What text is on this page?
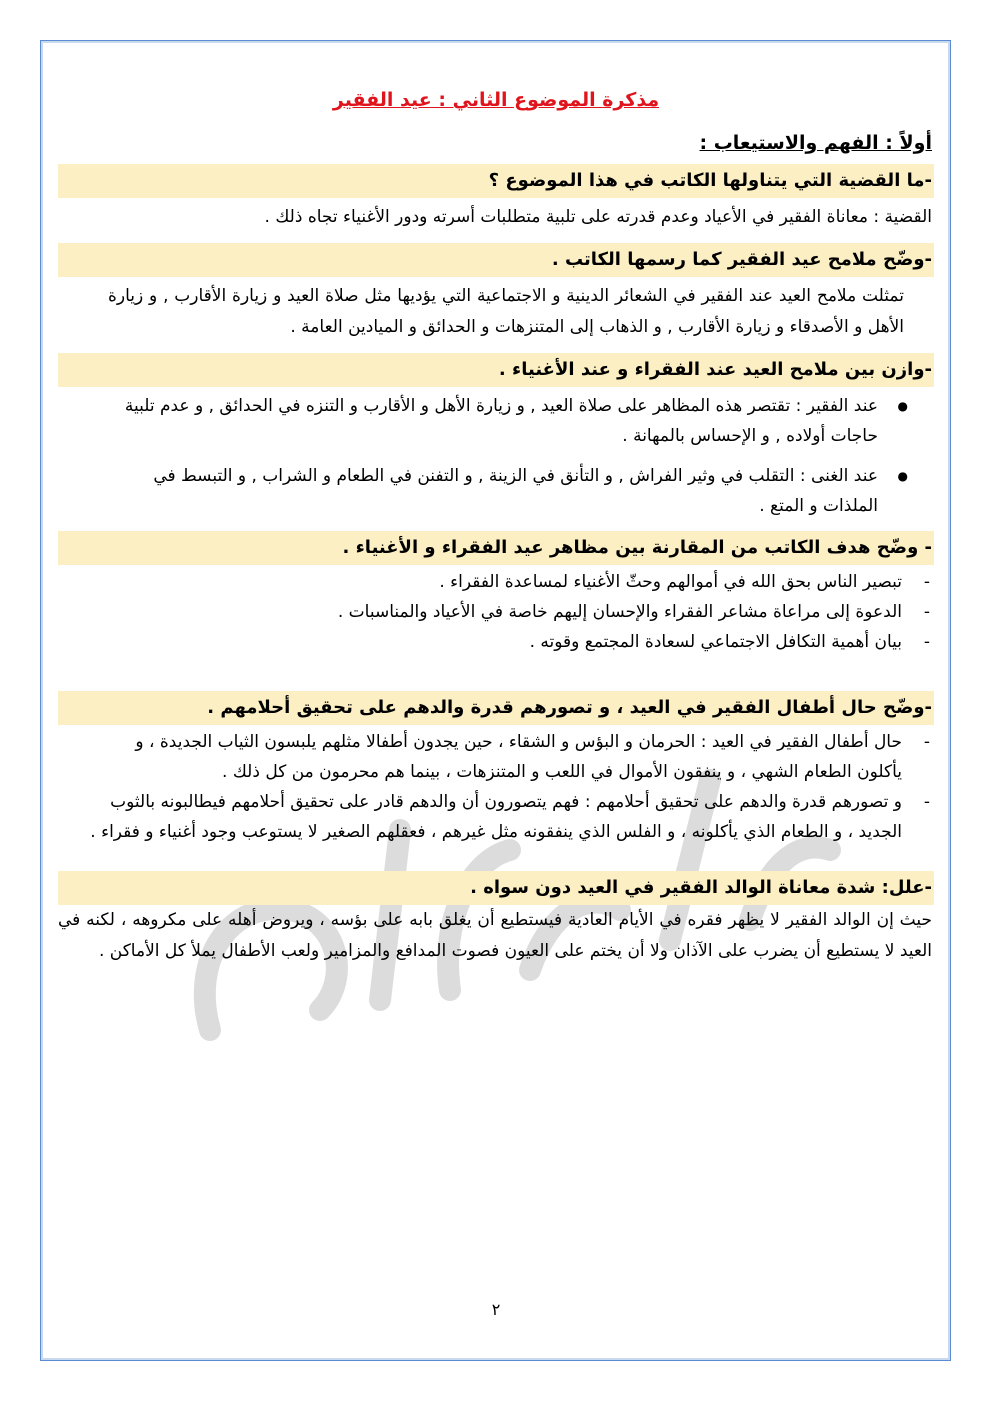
مذكرة الموضوع الثاني : عيد الفقير
أولاً : الفهم والاستيعاب :
-ما القضية التي يتناولها الكاتب في هذا الموضوع ؟
القضية : معاناة الفقير في الأعياد وعدم قدرته على تلبية متطلبات أسرته ودور الأغنياء تجاه ذلك .
-وضّح ملامح عيد الفقير كما رسمها الكاتب .
تمثلت ملامح العيد عند الفقير في الشعائر الدينية و الاجتماعية التي يؤديها مثل صلاة العيد و زيارة الأقارب , و زيارة الأهل و الأصدقاء و زيارة الأقارب , و الذهاب إلى المتنزهات و الحدائق و الميادين العامة .
-وازن بين ملامح العيد عند الفقراء و عند الأغنياء .
● عند الفقير : تقتصر هذه المظاهر على صلاة العيد , و زيارة الأهل و الأقارب و التنزه في الحدائق , و عدم تلبية حاجات أولاده , و الإحساس بالمهانة .
● عند الغنى : التقلب في وثير الفراش , و التأنق في الزينة , و التفنن في الطعام و الشراب , و التبسط في الملذات و المتع .
- وضّح هدف الكاتب من المقارنة بين مظاهر عيد الفقراء و الأغنياء .
- تبصير الناس بحق الله في أموالهم وحثّ الأغنياء لمساعدة الفقراء .
- الدعوة إلى مراعاة مشاعر الفقراء والإحسان إليهم خاصة في الأعياد والمناسبات .
- بيان أهمية التكافل الاجتماعي لسعادة المجتمع وقوته .
-وضّح حال أطفال الفقير في العيد ، و تصورهم قدرة والدهم على تحقيق أحلامهم .
- حال أطفال الفقير في العيد : الحرمان و البؤس و الشقاء ، حين يجدون أطفالا مثلهم يلبسون الثياب الجديدة ، و يأكلون الطعام الشهي ، و ينفقون الأموال في اللعب و المتنزهات ، بينما هم محرمون من كل ذلك .
- و تصورهم قدرة والدهم على تحقيق أحلامهم : فهم يتصورون أن والدهم قادر على تحقيق أحلامهم فيطالبونه بالثوب الجديد ، و الطعام الذي يأكلونه ، و الفلس الذي ينفقونه مثل غيرهم ، فعقلهم الصغير لا يستوعب وجود أغنياء و فقراء .
-علل: شدة معاناة الوالد الفقير في العيد دون سواه .
حيث إن الوالد الفقير لا يظهر فقره في الأيام العادية فيستطيع أن يغلق بابه على بؤسه ، ويروض أهله على مكروهه ، لكنه في العيد لا يستطيع أن يضرب على الآذان ولا أن يختم على العيون فصوت المدافع والمزامير ولعب الأطفال يملأ كل الأماكن .
٢
